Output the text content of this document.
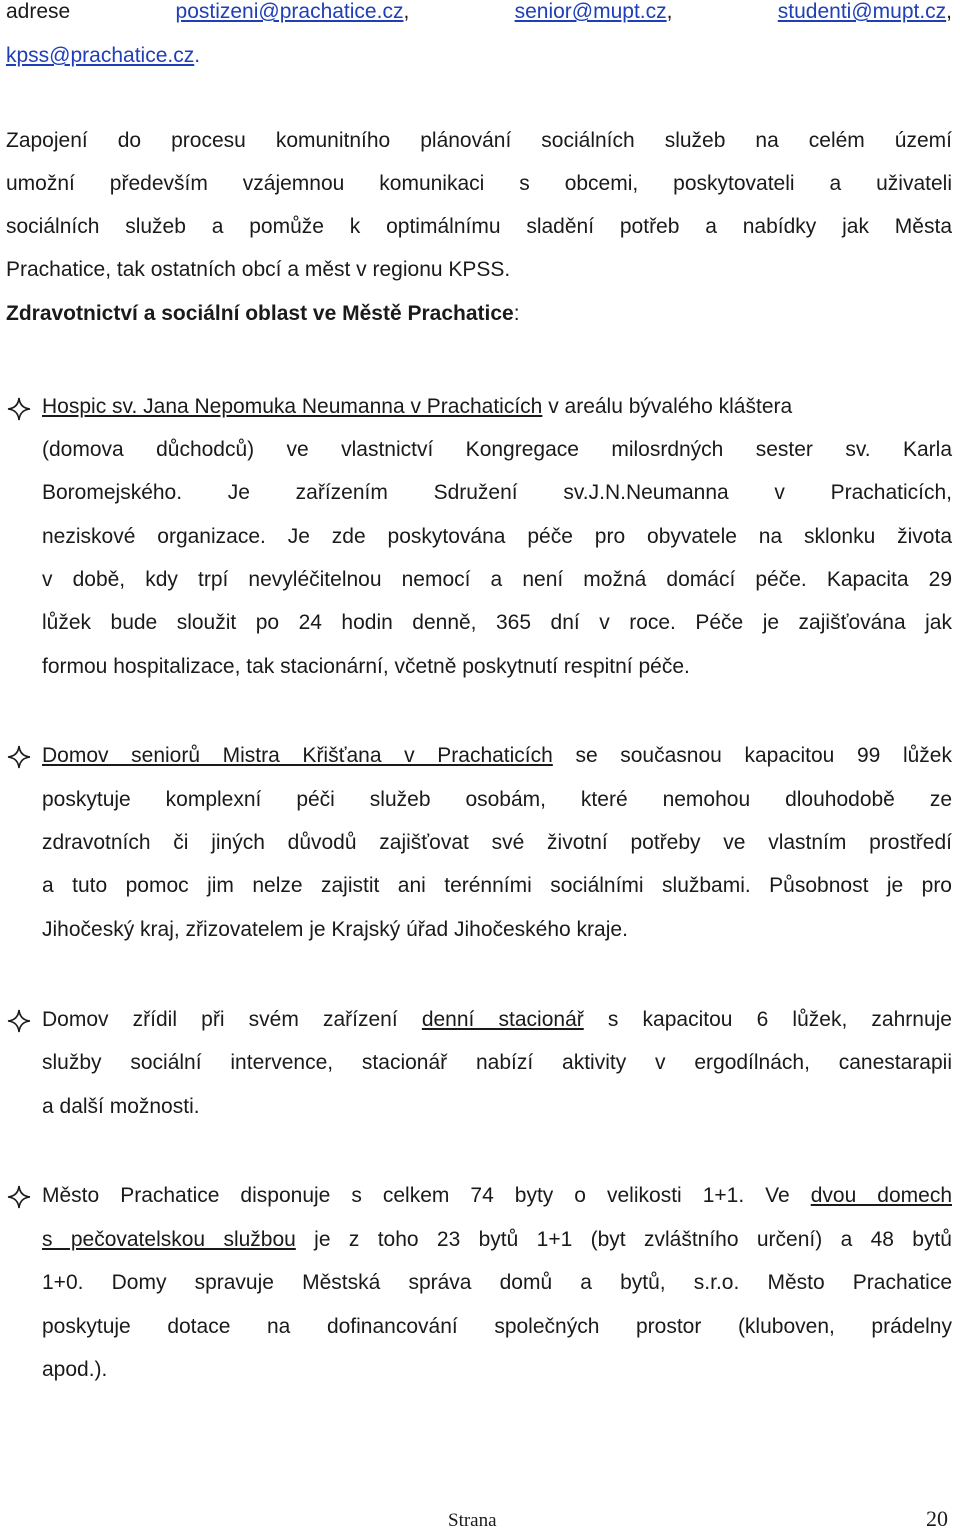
adrese	postizeni@prachatice.cz,	senior@mupt.cz,	studenti@mupt.cz,
kpss@prachatice.cz.
Zapojení do procesu komunitního plánování sociálních služeb na celém území
umožní především vzájemnou komunikaci s obcemi, poskytovateli a uživateli
sociálních služeb a pomůže k optimálnímu sladění potřeb a nabídky jak Města
Prachatice, tak ostatních obcí a měst v regionu KPSS.
Zdravotnictví a sociální oblast ve Městě Prachatice:
Hospic sv. Jana Nepomuka Neumanna v Prachaticích v areálu bývalého kláštera
(domova důchodců) ve vlastnictví Kongregace milosrdných sester sv. Karla
Boromejského. Je zařízením Sdružení sv.J.N.Neumanna v Prachaticích,
neziskové organizace. Je zde poskytována péče pro obyvatele na sklonku života
v době, kdy trpí nevyléčitelnou nemocí a není možná domácí péče. Kapacita 29
lůžek bude sloužit po 24 hodin denně, 365 dní v roce. Péče je zajišťována jak
formou hospitalizace, tak stacionární, včetně poskytnutí respitní péče.
Domov seniorů Mistra Křišťana v Prachaticích se současnou kapacitou 99 lůžek
poskytuje komplexní péči služeb osobám, které nemohou dlouhodobě ze
zdravotních či jiných důvodů zajišťovat své životní potřeby ve vlastním prostředí
a tuto pomoc jim nelze zajistit ani terénními sociálními službami. Působnost je pro
Jihočeský kraj, zřizovatelem je Krajský úřad Jihočeského kraje.
Domov zřídil při svém zařízení denní stacionář s kapacitou 6 lůžek, zahrnuje
služby sociální intervence, stacionář nabízí aktivity v ergodílnách, canestarapii
a další možnosti.
Město Prachatice disponuje s celkem 74 byty o velikosti 1+1. Ve dvou domech
s pečovatelskou službou je z toho 23 bytů 1+1 (byt zvláštního určení) a 48 bytů
1+0. Domy spravuje Městská správa domů a bytů, s.r.o. Město Prachatice
poskytuje dotace na dofinancování společných prostor (kluboven, prádelny
apod.).
Strana	20
